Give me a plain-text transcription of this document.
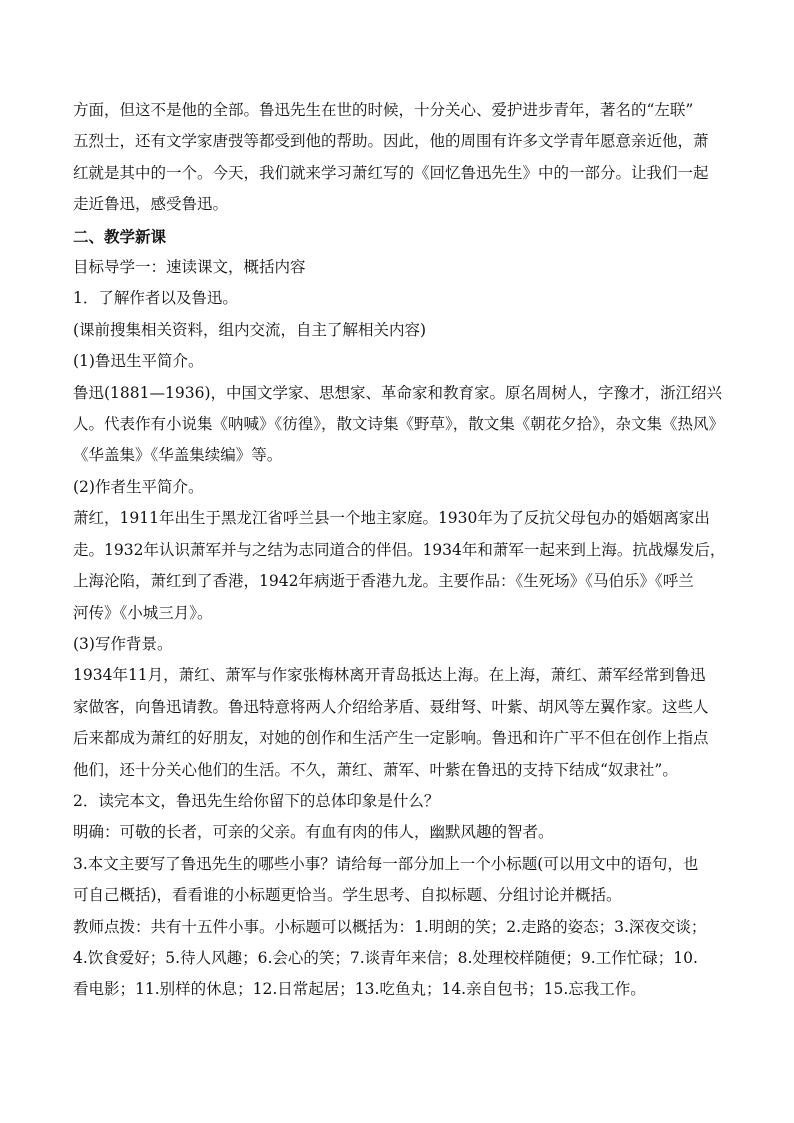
方面，但这不是他的全部。鲁迅先生在世的时候，十分关心、爱护进步青年，著名的“左联”

五烈士，还有文学家唐弢等都受到他的帮助。因此，他的周围有许多文学青年愿意亲近他，萧

红就是其中的一个。今天，我们就来学习萧红写的《回忆鲁迅先生》中的一部分。让我们一起

走近鲁迅，感受鲁迅。

二、教学新课

目标导学一：速读课文，概括内容

1．了解作者以及鲁迅。

(课前搜集相关资料，组内交流，自主了解相关内容)

(1)鲁迅生平简介。

鲁迅(1881—1936)，中国文学家、思想家、革命家和教育家。原名周树人，字豫才，浙江绍兴

人。代表作有小说集《呐喊》《彷徨》，散文诗集《野草》，散文集《朝花夕拾》，杂文集《热风》

《华盖集》《华盖集续编》等。

(2)作者生平简介。

萧红，1911年出生于黑龙江省呼兰县一个地主家庭。1930年为了反抗父母包办的婚姻离家出

走。1932年认识萧军并与之结为志同道合的伴侣。1934年和萧军一起来到上海。抗战爆发后，

上海沦陷，萧红到了香港，1942年病逝于香港九龙。主要作品：《生死场》《马伯乐》《呼兰

河传》《小城三月》。

(3)写作背景。

1934年11月，萧红、萧军与作家张梅林离开青岛抵达上海。在上海，萧红、萧军经常到鲁迅

家做客，向鲁迅请教。鲁迅特意将两人介绍给茅盾、聂绀弩、叶紫、胡风等左翼作家。这些人

后来都成为萧红的好朋友，对她的创作和生活产生一定影响。鲁迅和许广平不但在创作上指点

他们，还十分关心他们的生活。不久，萧红、萧军、叶紫在鲁迅的支持下结成“奴隶社”。

2．读完本文，鲁迅先生给你留下的总体印象是什么？

明确：可敬的长者，可亲的父亲。有血有肉的伟人，幽默风趣的智者。

3.本文主要写了鲁迅先生的哪些小事？请给每一部分加上一个小标题(可以用文中的语句，也

可自己概括)，看看谁的小标题更恰当。学生思考、自拟标题、分组讨论并概括。

教师点拨：共有十五件小事。小标题可以概括为：1.明朗的笑；2.走路的姿态；3.深夜交谈；

4.饮食爱好；5.待人风趣；6.会心的笑；7.谈青年来信；8.处理校样随便；9.工作忙碌；10.

看电影；11.别样的休息；12.日常起居；13.吃鱼丸；14.亲自包书；15.忘我工作。
